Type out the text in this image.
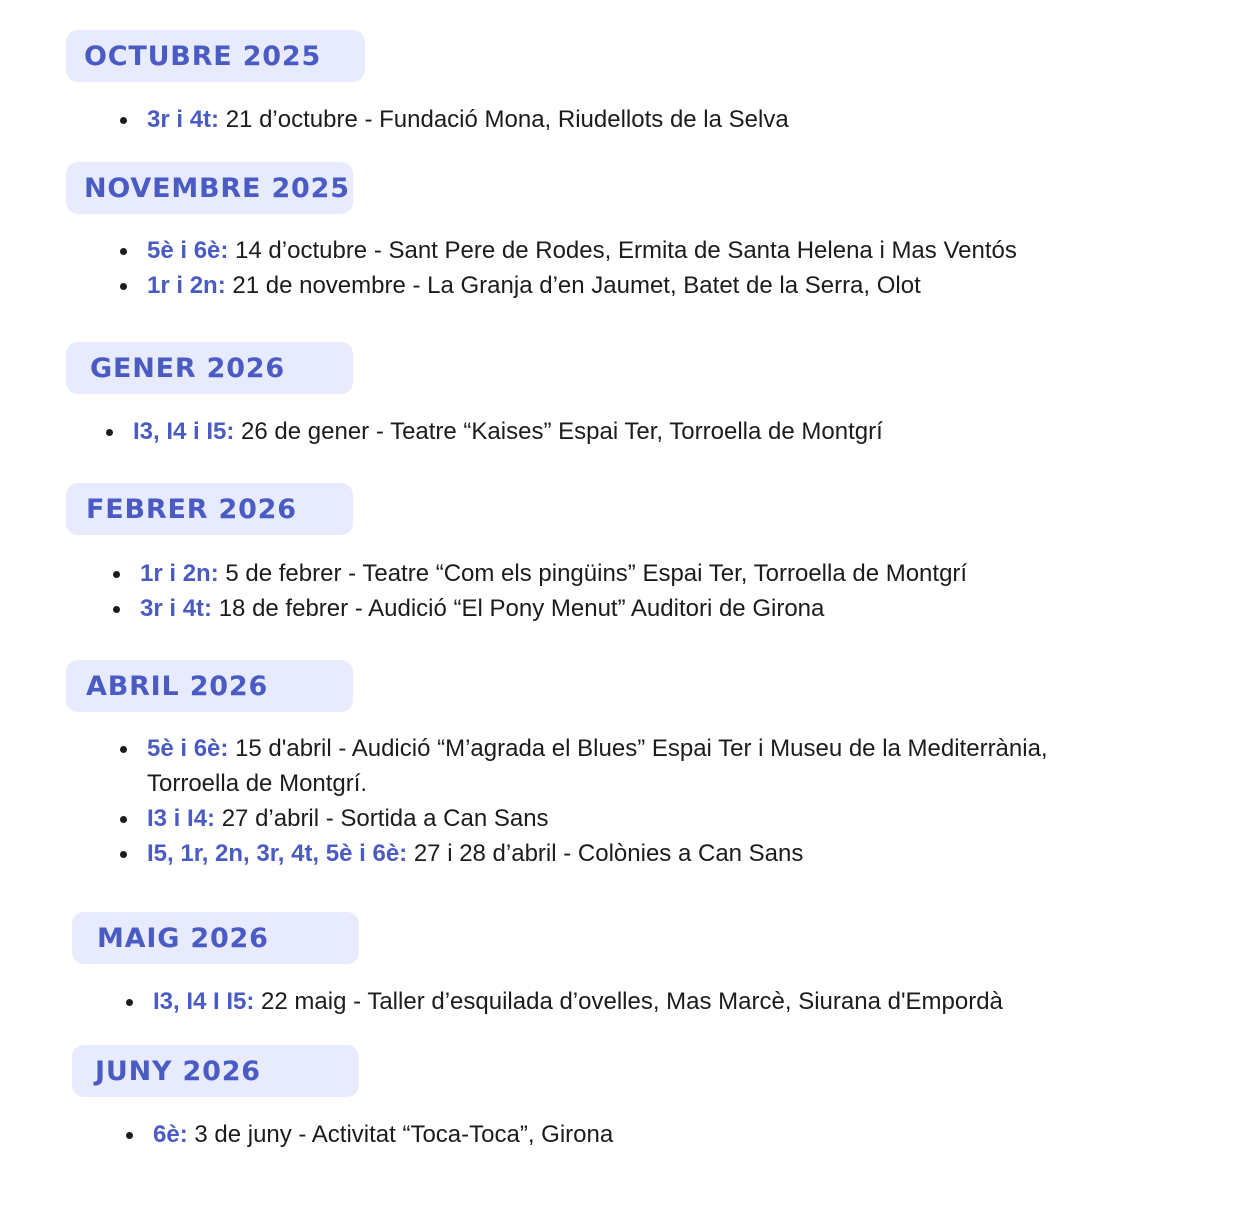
OCTUBRE 2025
3r i 4t: 21 d’octubre - Fundació Mona, Riudellots de la Selva
NOVEMBRE 2025
5è i 6è: 14 d’octubre - Sant Pere de Rodes, Ermita de Santa Helena i Mas Ventós
1r i 2n: 21 de novembre - La Granja d’en Jaumet, Batet de la Serra, Olot
GENER 2026
I3, I4 i I5: 26 de gener - Teatre “Kaises” Espai Ter, Torroella de Montgrí
FEBRER 2026
1r i 2n: 5 de febrer - Teatre “Com els pingüins” Espai Ter, Torroella de Montgrí
3r i 4t: 18 de febrer - Audició “El Pony Menut” Auditori de Girona
ABRIL 2026
5è i 6è: 15 d'abril - Audició “M’agrada el Blues” Espai Ter i Museu de la Mediterrània, Torroella de Montgrí.
I3 i I4: 27 d’abril - Sortida a Can Sans
I5, 1r, 2n, 3r, 4t, 5è i 6è: 27 i 28 d’abril - Colònies a Can Sans
MAIG 2026
I3, I4 I I5: 22 maig - Taller d’esquilada d’ovelles, Mas Marcè, Siurana d'Empordà
JUNY 2026
6è: 3 de juny - Activitat “Toca-Toca”, Girona
